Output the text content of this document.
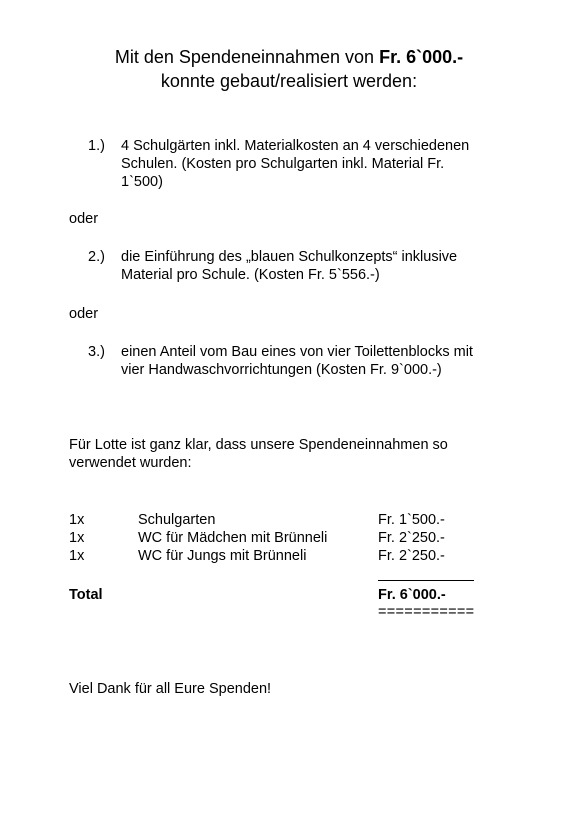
Mit den Spendeneinnahmen von Fr. 6`000.-
konnte gebaut/realisiert werden:
1.) 4 Schulgärten inkl. Materialkosten an 4 verschiedenen
Schulen. (Kosten pro Schulgarten inkl. Material Fr.
1`500)
oder
2.) die Einführung des „blauen Schulkonzepts“ inklusive
Material pro Schule. (Kosten Fr. 5`556.-)
oder
3.) einen Anteil vom Bau eines von vier Toilettenblocks mit
vier Handwaschvorrichtungen (Kosten Fr. 9`000.-)
Für Lotte ist ganz klar, dass unsere Spendeneinnahmen so
verwendet wurden:
1x	Schulgarten	Fr. 1`500.-
1x	WC für Mädchen mit Brünneli	Fr. 2`250.-
1x	WC für Jungs mit Brünneli	Fr. 2`250.-
Total	Fr. 6`000.-
===========
Viel Dank für all Eure Spenden!
